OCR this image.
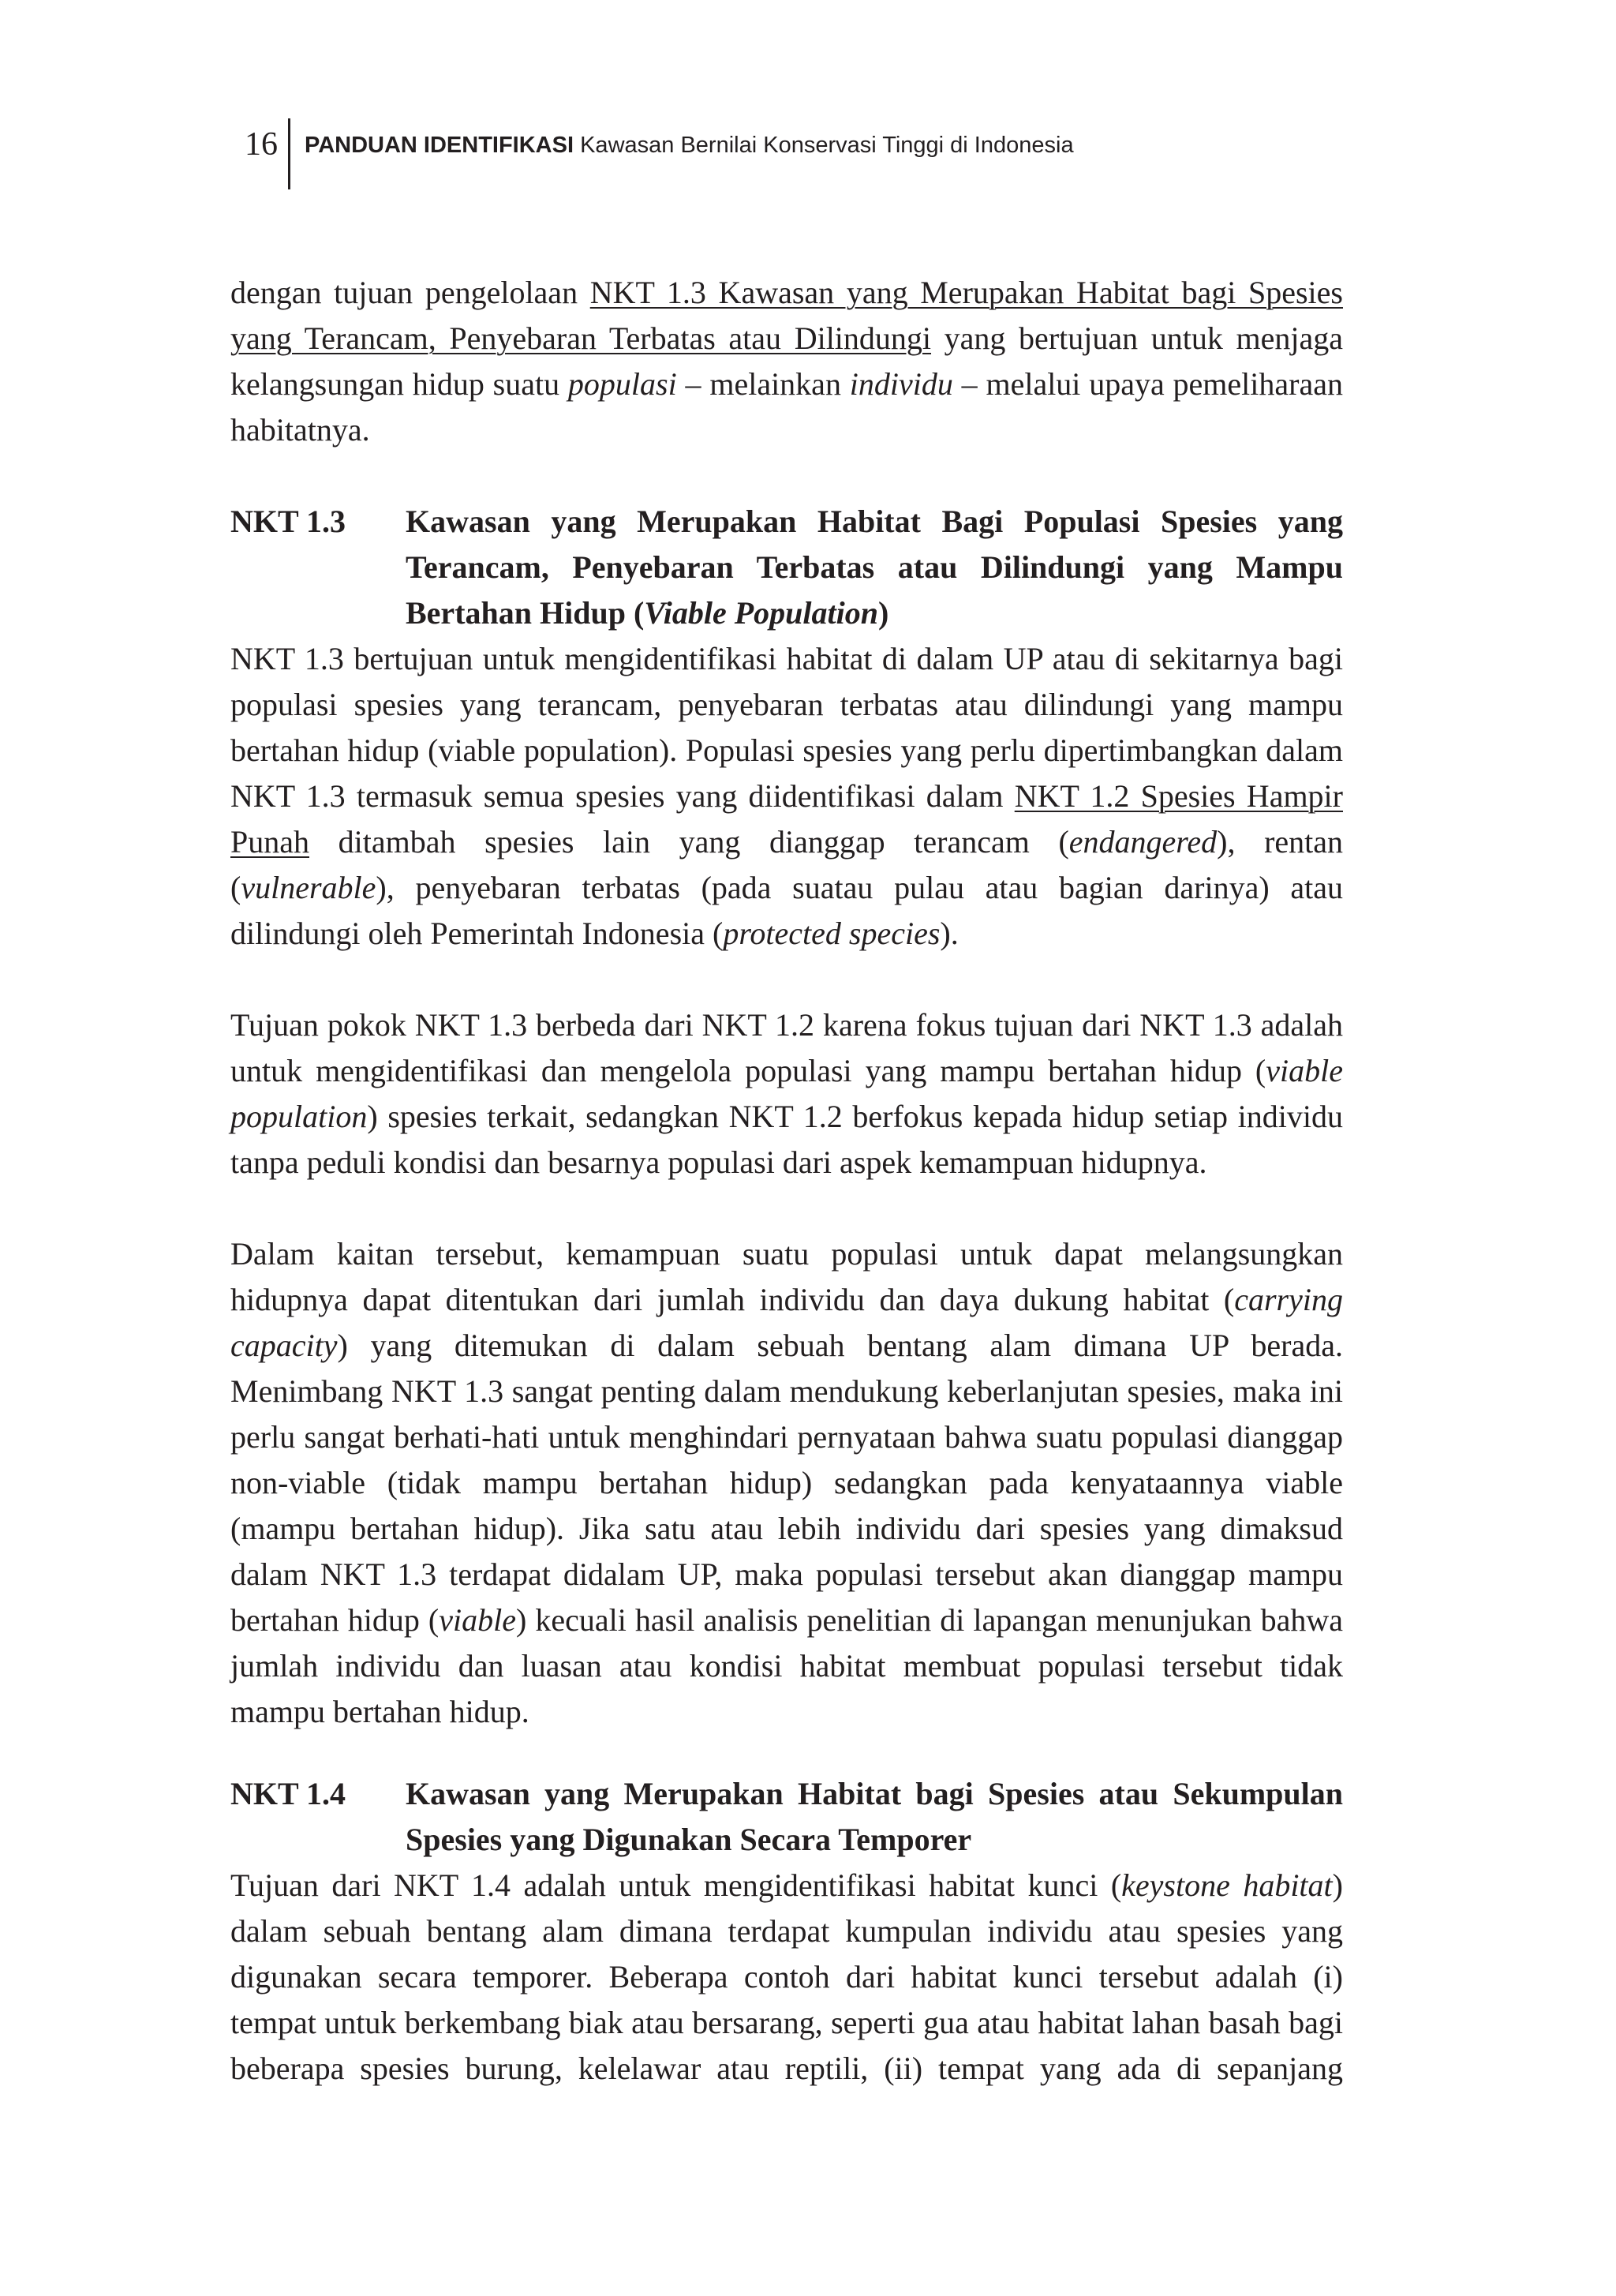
16 PANDUAN IDENTIFIKASI Kawasan Bernilai Konservasi Tinggi di Indonesia

dengan tujuan pengelolaan NKT 1.3 Kawasan yang Merupakan Habitat bagi Spesies yang Terancam, Penyebaran Terbatas atau Dilindungi yang bertujuan untuk menjaga kelangsungan hidup suatu populasi – melainkan individu – melalui upaya pemeliharaan habitatnya.

NKT 1.3	Kawasan yang Merupakan Habitat Bagi Populasi Spesies yang Terancam, Penyebaran Terbatas atau Dilindungi yang Mampu Bertahan Hidup (Viable Population)

NKT 1.3 bertujuan untuk mengidentifikasi habitat di dalam UP atau di sekitarnya bagi populasi spesies yang terancam, penyebaran terbatas atau dilindungi yang mampu bertahan hidup (viable population). Populasi spesies yang perlu dipertimbangkan dalam NKT 1.3 termasuk semua spesies yang diidentifikasi dalam NKT 1.2 Spesies Hampir Punah ditambah spesies lain yang dianggap terancam (endangered), rentan (vulnerable), penyebaran terbatas (pada suatau pulau atau bagian darinya) atau dilindungi oleh Pemerintah Indonesia (protected species).

Tujuan pokok NKT 1.3 berbeda dari NKT 1.2 karena fokus tujuan dari NKT 1.3 adalah untuk mengidentifikasi dan mengelola populasi yang mampu bertahan hidup (viable population) spesies terkait, sedangkan NKT 1.2 berfokus kepada hidup setiap individu tanpa peduli kondisi dan besarnya populasi dari aspek kemampuan hidupnya.

Dalam kaitan tersebut, kemampuan suatu populasi untuk dapat melangsungkan hidupnya dapat ditentukan dari jumlah individu dan daya dukung habitat (carrying capacity) yang ditemukan di dalam sebuah bentang alam dimana UP berada. Menimbang NKT 1.3 sangat penting dalam mendukung keberlanjutan spesies, maka ini perlu sangat berhati-hati untuk menghindari pernyataan bahwa suatu populasi dianggap non-viable (tidak mampu bertahan hidup) sedangkan pada kenyataannya viable (mampu bertahan hidup). Jika satu atau lebih individu dari spesies yang dimaksud dalam NKT 1.3 terdapat didalam UP, maka populasi tersebut akan dianggap mampu bertahan hidup (viable) kecuali hasil analisis penelitian di lapangan menunjukan bahwa jumlah individu dan luasan atau kondisi habitat membuat populasi tersebut tidak mampu bertahan hidup.

NKT 1.4	Kawasan yang Merupakan Habitat bagi Spesies atau Sekumpulan Spesies yang Digunakan Secara Temporer

Tujuan dari NKT 1.4 adalah untuk mengidentifikasi habitat kunci (keystone habitat) dalam sebuah bentang alam dimana terdapat kumpulan individu atau spesies yang digunakan secara temporer. Beberapa contoh dari habitat kunci tersebut adalah (i) tempat untuk berkembang biak atau bersarang, seperti gua atau habitat lahan basah bagi beberapa spesies burung, kelelawar atau reptili, (ii) tempat yang ada di sepanjang
